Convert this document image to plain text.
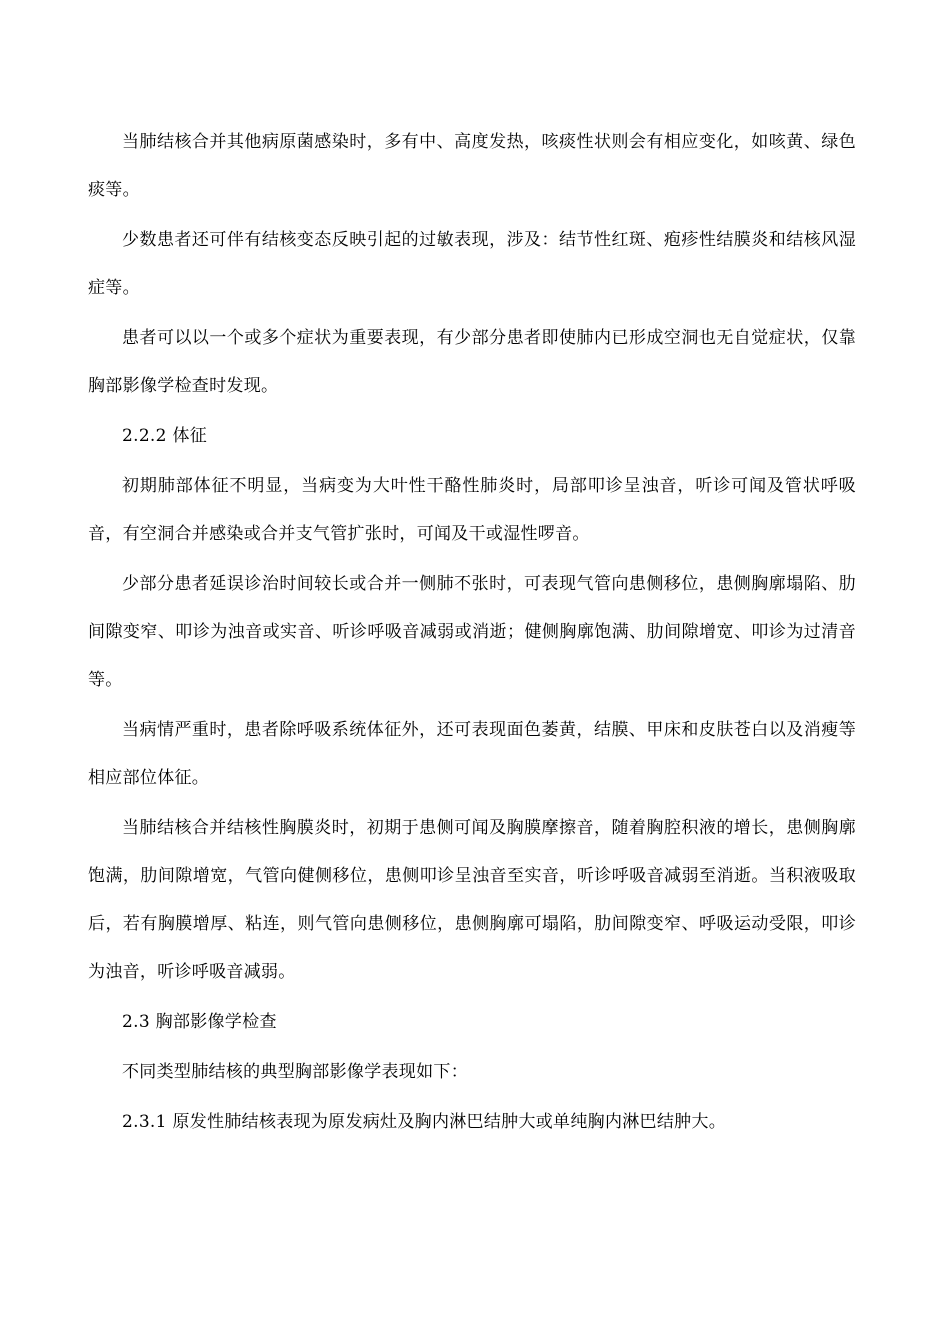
当肺结核合并其他病原菌感染时，多有中、高度发热，咳痰性状则会有相应变化，如咳黄、绿色痰等。

少数患者还可伴有结核变态反映引起的过敏表现，涉及：结节性红斑、疱疹性结膜炎和结核风湿症等。

患者可以以一个或多个症状为重要表现，有少部分患者即使肺内已形成空洞也无自觉症状，仅靠胸部影像学检查时发现。

2.2.2 体征

初期肺部体征不明显，当病变为大叶性干酪性肺炎时，局部叩诊呈浊音，听诊可闻及管状呼吸音，有空洞合并感染或合并支气管扩张时，可闻及干或湿性啰音。

少部分患者延误诊治时间较长或合并一侧肺不张时，可表现气管向患侧移位，患侧胸廓塌陷、肋间隙变窄、叩诊为浊音或实音、听诊呼吸音减弱或消逝；健侧胸廓饱满、肋间隙增宽、叩诊为过清音等。

当病情严重时，患者除呼吸系统体征外，还可表现面色萎黄，结膜、甲床和皮肤苍白以及消瘦等相应部位体征。

当肺结核合并结核性胸膜炎时，初期于患侧可闻及胸膜摩擦音，随着胸腔积液的增长，患侧胸廓饱满，肋间隙增宽，气管向健侧移位，患侧叩诊呈浊音至实音，听诊呼吸音减弱至消逝。当积液吸取后，若有胸膜增厚、粘连，则气管向患侧移位，患侧胸廓可塌陷，肋间隙变窄、呼吸运动受限，叩诊为浊音，听诊呼吸音减弱。

2.3 胸部影像学检查

不同类型肺结核的典型胸部影像学表现如下：

2.3.1 原发性肺结核表现为原发病灶及胸内淋巴结肿大或单纯胸内淋巴结肿大。
